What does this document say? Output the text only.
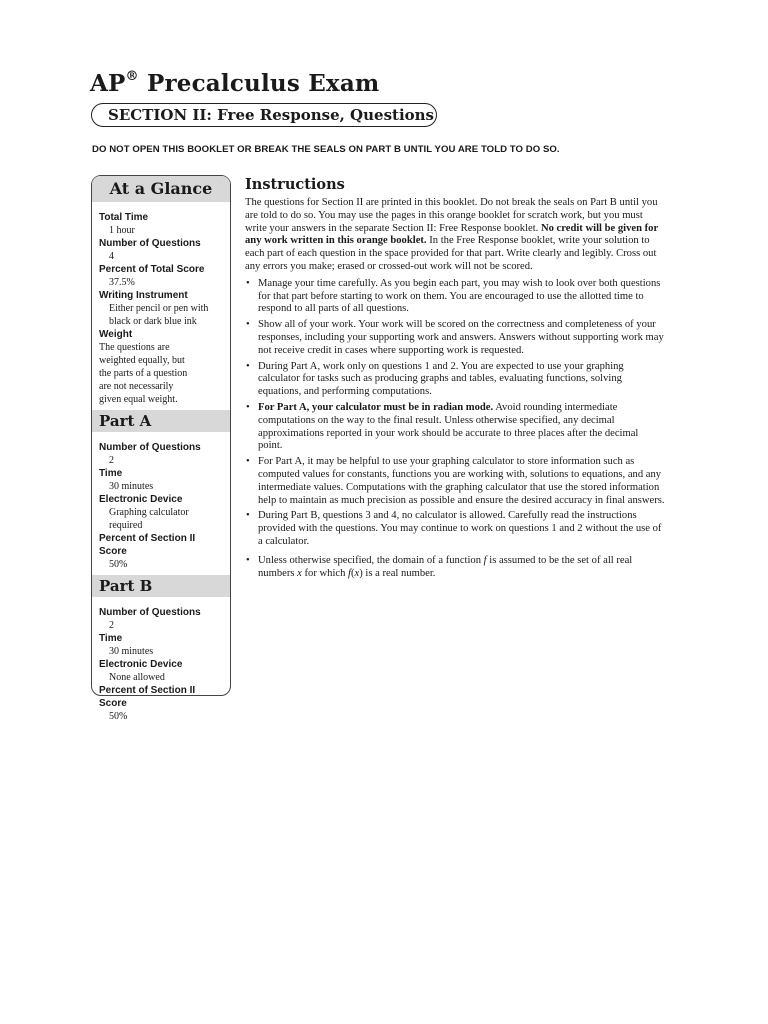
AP® Precalculus Exam
SECTION II: Free Response, Questions

DO NOT OPEN THIS BOOKLET OR BREAK THE SEALS ON PART B UNTIL YOU ARE TOLD TO DO SO.

At a Glance
Total Time
1 hour
Number of Questions
4
Percent of Total Score
37.5%
Writing Instrument
Either pencil or pen with
black or dark blue ink
Weight
The questions are
weighted equally, but
the parts of a question
are not necessarily
given equal weight.
Part A
Number of Questions
2
Time
30 minutes
Electronic Device
Graphing calculator
required
Percent of Section II Score
50%
Part B
Number of Questions
2
Time
30 minutes
Electronic Device
None allowed
Percent of Section II Score
50%
Instructions

The questions for Section II are printed in this booklet. Do not break the seals on Part B until you are told to do so. You may use the pages in this orange booklet for scratch work, but you must write your answers in the separate Section II: Free Response booklet. No credit will be given for any work written in this orange booklet. In the Free Response booklet, write your solution to each part of each question in the space provided for that part. Write clearly and legibly. Cross out any errors you make; erased or crossed-out work will not be scored.

• Manage your time carefully. As you begin each part, you may wish to look over both questions for that part before starting to work on them. You are encouraged to use the allotted time to respond to all parts of all questions.
• Show all of your work. Your work will be scored on the correctness and completeness of your responses, including your supporting work and answers. Answers without supporting work may not receive credit in cases where supporting work is requested.
• During Part A, work only on questions 1 and 2. You are expected to use your graphing calculator for tasks such as producing graphs and tables, evaluating functions, solving equations, and performing computations.
• For Part A, your calculator must be in radian mode. Avoid rounding intermediate computations on the way to the final result. Unless otherwise specified, any decimal approximations reported in your work should be accurate to three places after the decimal point.
• For Part A, it may be helpful to use your graphing calculator to store information such as computed values for constants, functions you are working with, solutions to equations, and any intermediate values. Computations with the graphing calculator that use the stored information help to maintain as much precision as possible and ensure the desired accuracy in final answers.
• During Part B, questions 3 and 4, no calculator is allowed. Carefully read the instructions provided with the questions. You may continue to work on questions 1 and 2 without the use of a calculator.
• Unless otherwise specified, the domain of a function f is assumed to be the set of all real numbers x for which f(x) is a real number.
